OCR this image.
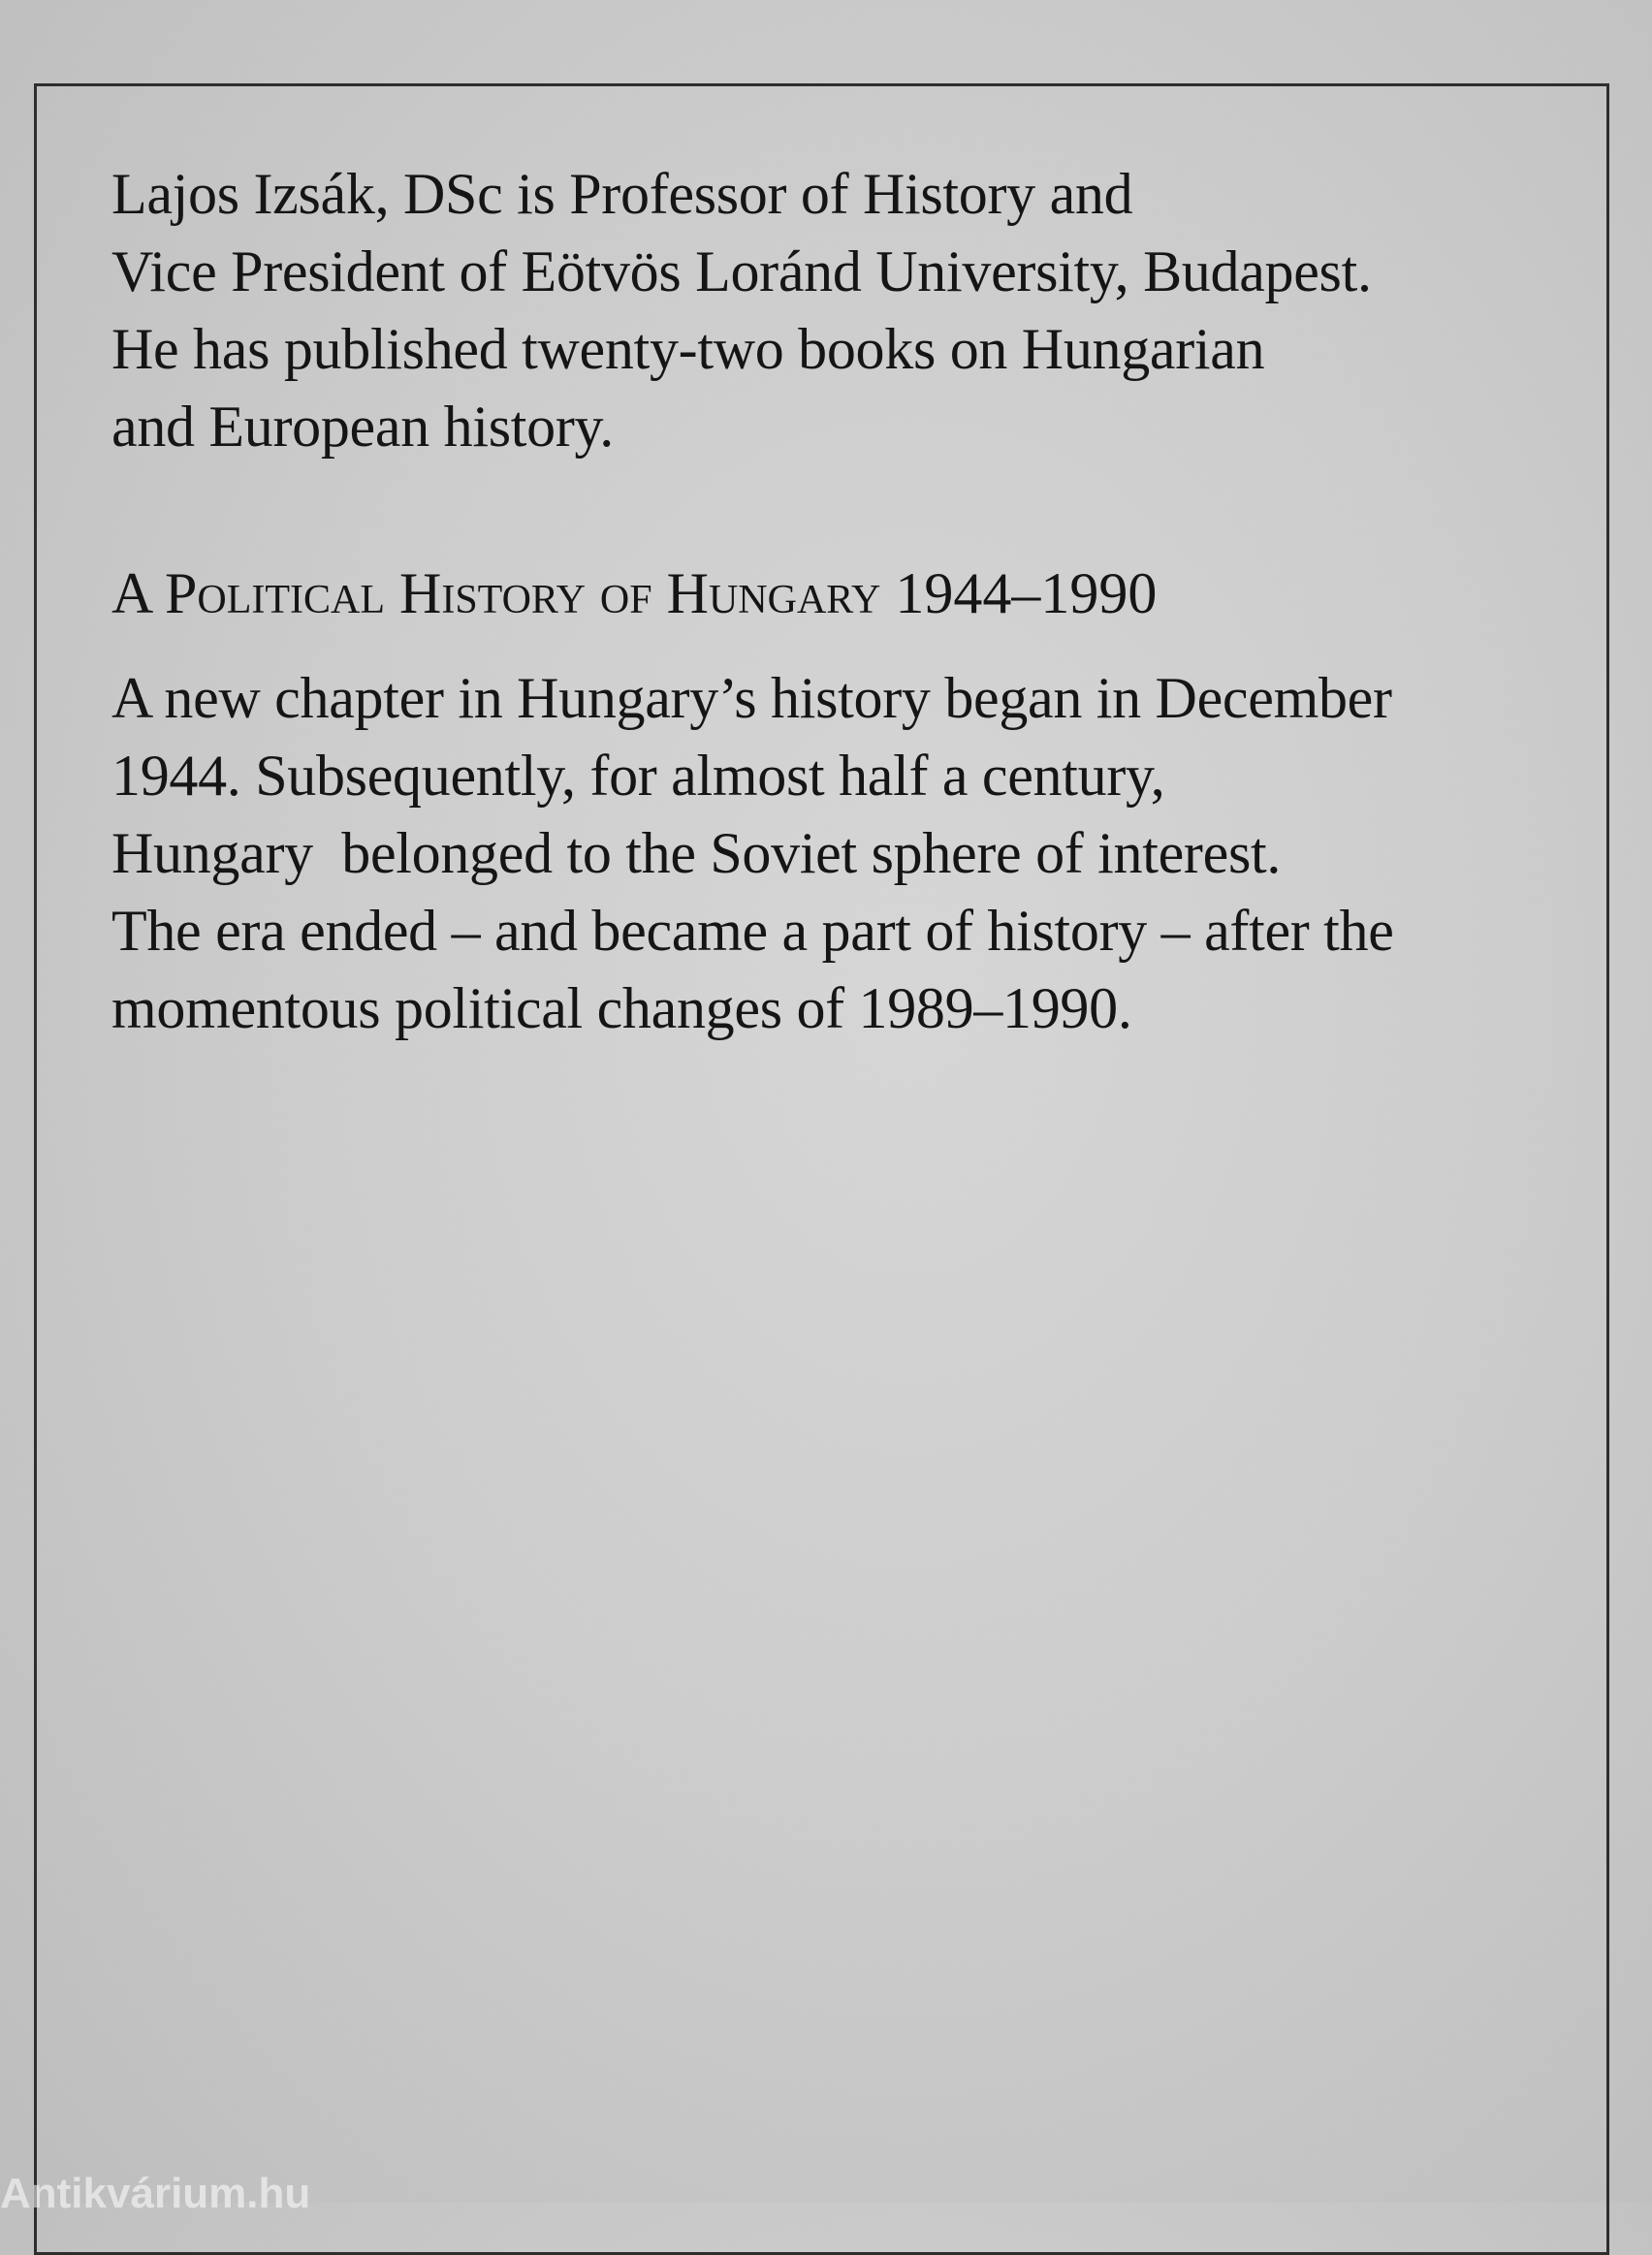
Lajos Izsák, DSc is Professor of History and
Vice President of Eötvös Loránd University, Budapest.
He has published twenty-two books on Hungarian
and European history.
A Political History of Hungary 1944–1990
A new chapter in Hungary’s history began in December
1944. Subsequently, for almost half a century,
Hungary  belonged to the Soviet sphere of interest.
The era ended – and became a part of history – after the
momentous political changes of 1989–1990.
Antikvárium.hu
